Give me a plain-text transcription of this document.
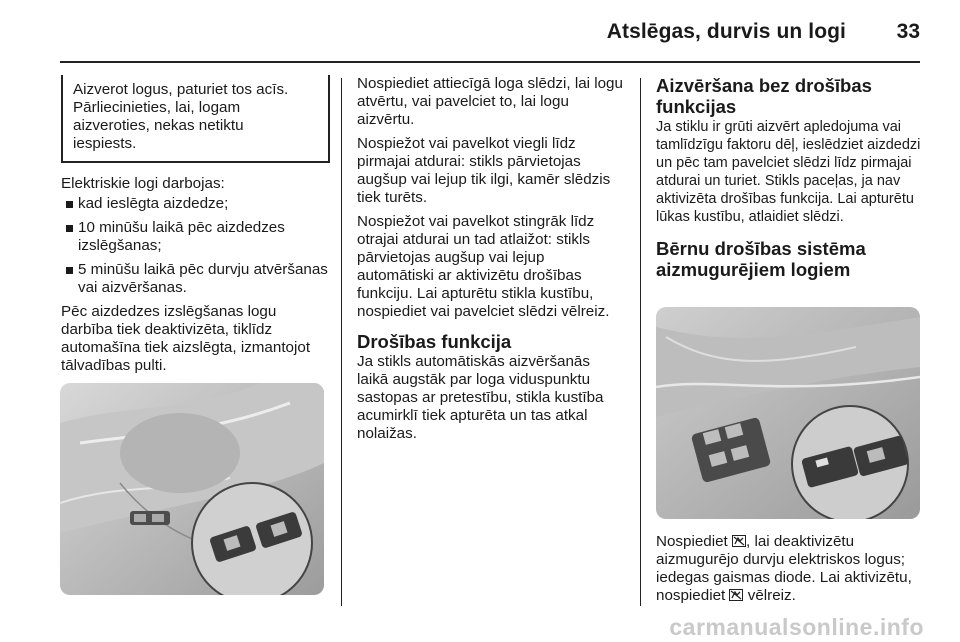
Atslēgas, durvis un logi 33

Aizverot logus, paturiet tos acīs.

Pārliecinieties, lai, logam

aizveroties, nekas netiktu

iespiests.

Elektriskie logi darbojas:

kad ieslēgta aizdedze;
10 minūšu laikā pēc aizdedzes izslēgšanas;
5 minūšu laikā pēc durvju atvēršanas vai aizvēršanas.

Pēc aizdedzes izslēgšanas logu darbība tiek deaktivizēta, tiklīdz automašīna tiek aizslēgta, izmantojot tālvadības pulti.

Nospiediet attiecīgā loga slēdzi, lai logu atvērtu, vai pavelciet to, lai logu aizvērtu.

Nospiežot vai pavelkot viegli līdz pirmajai atdurai: stikls pārvietojas augšup vai lejup tik ilgi, kamēr slēdzis tiek turēts.

Nospiežot vai pavelkot stingrāk līdz otrajai atdurai un tad atlaižot: stikls pārvietojas augšup vai lejup automātiski ar aktivizētu drošības funkciju. Lai apturētu stikla kustību, nospiediet vai pavelciet slēdzi vēlreiz.

Drošības funkcija

Ja stikls automātiskās aizvēršanās laikā augstāk par loga viduspunktu sastopas ar pretestību, stikla kustība acumirklī tiek apturēta un tas atkal nolaižas.

Aizvēršana bez drošības funkcijas

Ja stiklu ir grūti aizvērt apledojuma vai tamlīdzīgu faktoru dēļ, ieslēdziet aizdedzi un pēc tam pavelciet slēdzi līdz pirmajai atdurai un turiet. Stikls paceļas, ja nav aktivizēta drošības funkcija. Lai apturētu lūkas kustību, atlaidiet slēdzi.

Bērnu drošības sistēma aizmugurējiem logiem
Nospiediet , lai deaktivizētu aizmugurējo durvju elektriskos logus; iedegas gaismas diode. Lai aktivizētu, nospiediet vēlreiz.
carmanualsonline.info
